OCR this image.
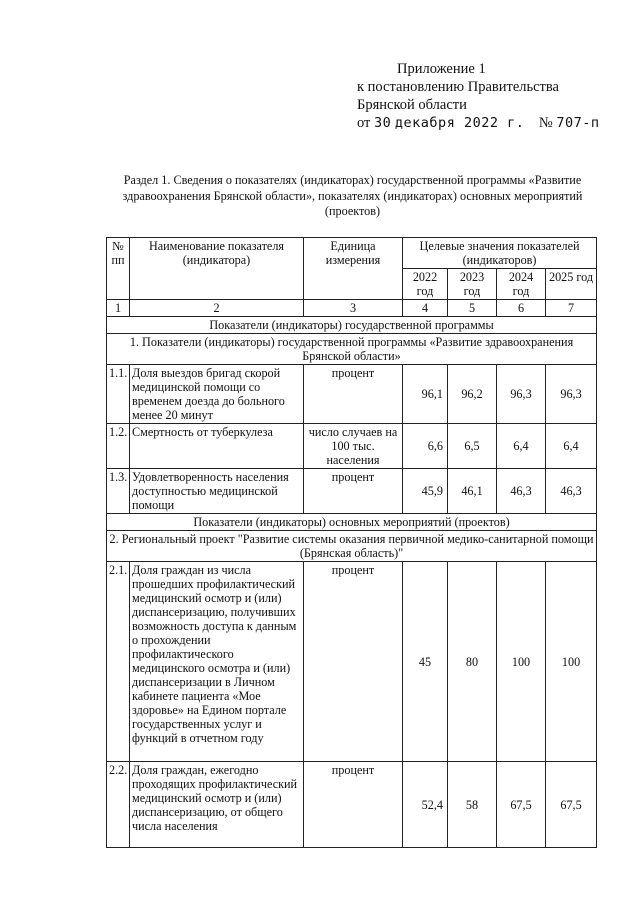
Приложение 1
к постановлению Правительства
Брянской области
от 30 декабря 2022 г. № 707-п
Раздел 1. Сведения о показателях (индикаторах) государственной программы «Развитие здравоохранения Брянской области», показателях (индикаторах) основных мероприятий (проектов)
№ пп	Наименование показателя (индикатора)	Единица измерения	Целевые значения показателей (индикаторов)			
			2022 год	2023 год	2024 год	2025 год
1	2	3	4	5	6	7
Показатели (индикаторы) государственной программы						
1. Показатели (индикаторы) государственной программы «Развитие здравоохранения Брянской области»						
1.1.	Доля выездов бригад скорой медицинской помощи со временем доезда до больного менее 20 минут	процент	96,1	96,2	96,3	96,3
1.2.	Смертность от туберкулеза	число случаев на 100 тыс. населения	6,6	6,5	6,4	6,4
1.3.	Удовлетворенность населения доступностью медицинской помощи	процент	45,9	46,1	46,3	46,3
Показатели (индикаторы) основных мероприятий (проектов)						
2. Региональный проект "Развитие системы оказания первичной медико-санитарной помощи (Брянская область)"						
2.1.	Доля граждан из числа прошедших профилактический медицинский осмотр и (или) диспансеризацию, получивших возможность доступа к данным о прохождении профилактического медицинского осмотра и (или) диспансеризации в Личном кабинете пациента «Мое здоровье» на Едином портале государственных услуг и функций в отчетном году	процент	45	80	100	100
2.2.	Доля граждан, ежегодно проходящих профилактический медицинский осмотр и (или) диспансеризацию, от общего числа населения	процент	52,4	58	67,5	67,5
